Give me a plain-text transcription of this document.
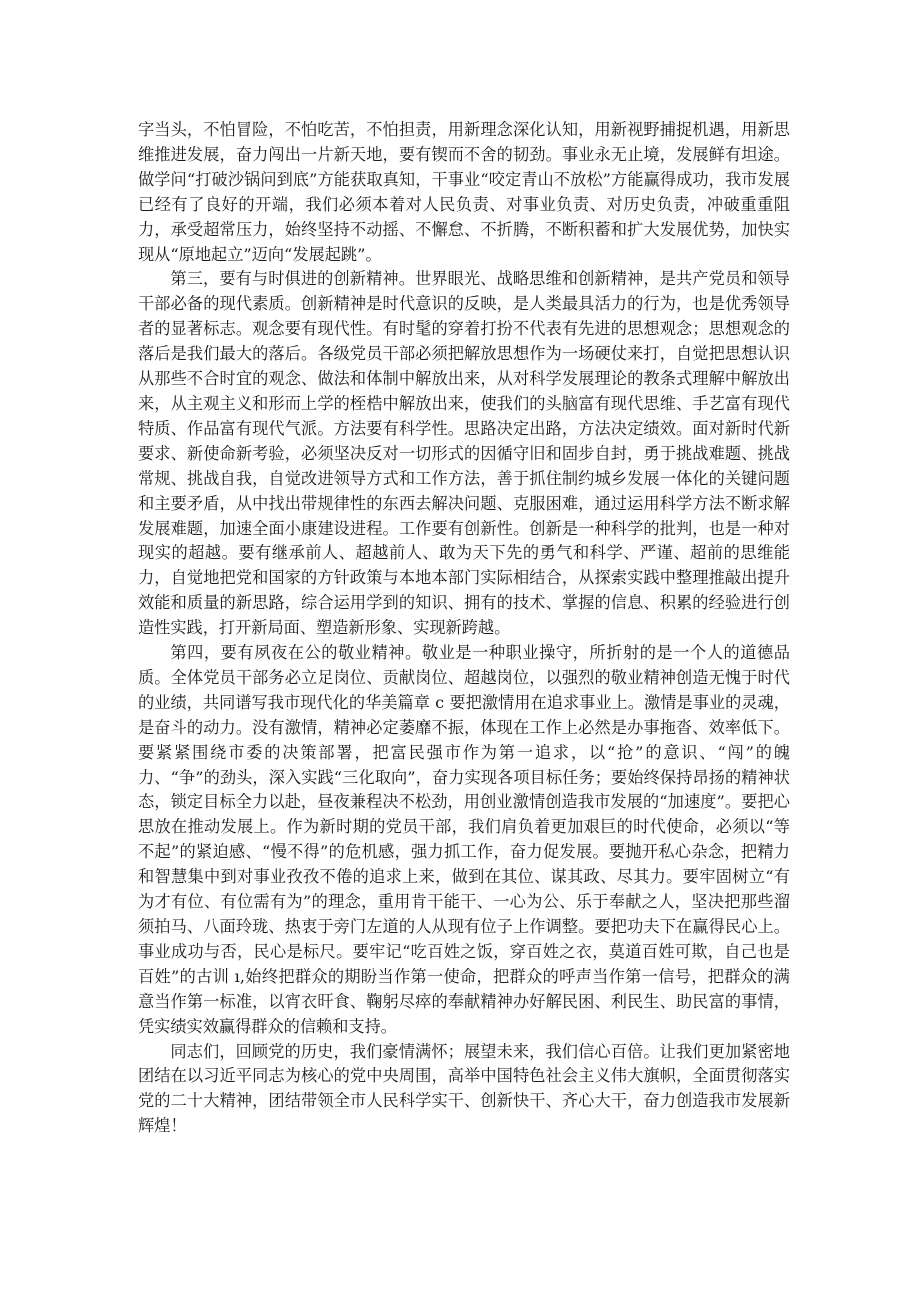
字当头，不怕冒险，不怕吃苦，不怕担责，用新理念深化认知，用新视野捕捉机遇，用新思维推进发展，奋力闯出一片新天地，要有锲而不舍的韧劲。事业永无止境，发展鲜有坦途。做学问“打破沙锅问到底”方能获取真知，干事业“咬定青山不放松”方能赢得成功，我市发展已经有了良好的开端，我们必须本着对人民负责、对事业负责、对历史负责，冲破重重阻力，承受超常压力，始终坚持不动摇、不懈怠、不折腾，不断积蓄和扩大发展优势，加快实现从“原地起立”迈向“发展起跳”。

第三，要有与时俱进的创新精神。世界眼光、战略思维和创新精神，是共产党员和领导干部必备的现代素质。创新精神是时代意识的反映，是人类最具活力的行为，也是优秀领导者的显著标志。观念要有现代性。有时髦的穿着打扮不代表有先进的思想观念；思想观念的落后是我们最大的落后。各级党员干部必须把解放思想作为一场硬仗来打，自觉把思想认识从那些不合时宜的观念、做法和体制中解放出来，从对科学发展理论的教条式理解中解放出来，从主观主义和形而上学的桎梏中解放出来，使我们的头脑富有现代思维、手艺富有现代特质、作品富有现代气派。方法要有科学性。思路决定出路，方法决定绩效。面对新时代新要求、新使命新考验，必须坚决反对一切形式的因循守旧和固步自封，勇于挑战难题、挑战常规、挑战自我，自觉改进领导方式和工作方法，善于抓住制约城乡发展一体化的关键问题和主要矛盾，从中找出带规律性的东西去解决问题、克服困难，通过运用科学方法不断求解发展难题，加速全面小康建设进程。工作要有创新性。创新是一种科学的批判，也是一种对现实的超越。要有继承前人、超越前人、敢为天下先的勇气和科学、严谨、超前的思维能力，自觉地把党和国家的方针政策与本地本部门实际相结合，从探索实践中整理推敲出提升效能和质量的新思路，综合运用学到的知识、拥有的技术、掌握的信息、积累的经验进行创造性实践，打开新局面、塑造新形象、实现新跨越。

第四，要有夙夜在公的敬业精神。敬业是一种职业操守，所折射的是一个人的道德品质。全体党员干部务必立足岗位、贡献岗位、超越岗位，以强烈的敬业精神创造无愧于时代的业绩，共同谱写我市现代化的华美篇章 c 要把激情用在追求事业上。激情是事业的灵魂，是奋斗的动力。没有激情，精神必定萎靡不振，体现在工作上必然是办事拖沓、效率低下。要紧紧围绕市委的决策部署，把富民强市作为第一追求，以“抢”的意识、“闯”的魄力、“争”的劲头，深入实践“三化取向”，奋力实现各项目标任务；要始终保持昂扬的精神状态，锁定目标全力以赴，昼夜兼程决不松劲，用创业激情创造我市发展的“加速度”。要把心思放在推动发展上。作为新时期的党员干部，我们肩负着更加艰巨的时代使命，必须以“等不起”的紧迫感、“慢不得”的危机感，强力抓工作，奋力促发展。要抛开私心杂念，把精力和智慧集中到对事业孜孜不倦的追求上来，做到在其位、谋其政、尽其力。要牢固树立“有为才有位、有位需有为”的理念，重用肯干能干、一心为公、乐于奉献之人，坚决把那些溜须拍马、八面玲珑、热衷于旁门左道的人从现有位子上作调整。要把功夫下在赢得民心上。事业成功与否，民心是标尺。要牢记“吃百姓之饭，穿百姓之衣，莫道百姓可欺，自己也是百姓”的古训 ı,始终把群众的期盼当作第一使命，把群众的呼声当作第一信号，把群众的满意当作第一标准，以宵衣旰食、鞠躬尽瘁的奉献精神办好解民困、利民生、助民富的事情，凭实绩实效赢得群众的信赖和支持。

同志们，回顾党的历史，我们豪情满怀；展望未来，我们信心百倍。让我们更加紧密地团结在以习近平同志为核心的党中央周围，高举中国特色社会主义伟大旗帜，全面贯彻落实党的二十大精神，团结带领全市人民科学实干、创新快干、齐心大干，奋力创造我市发展新辉煌！
